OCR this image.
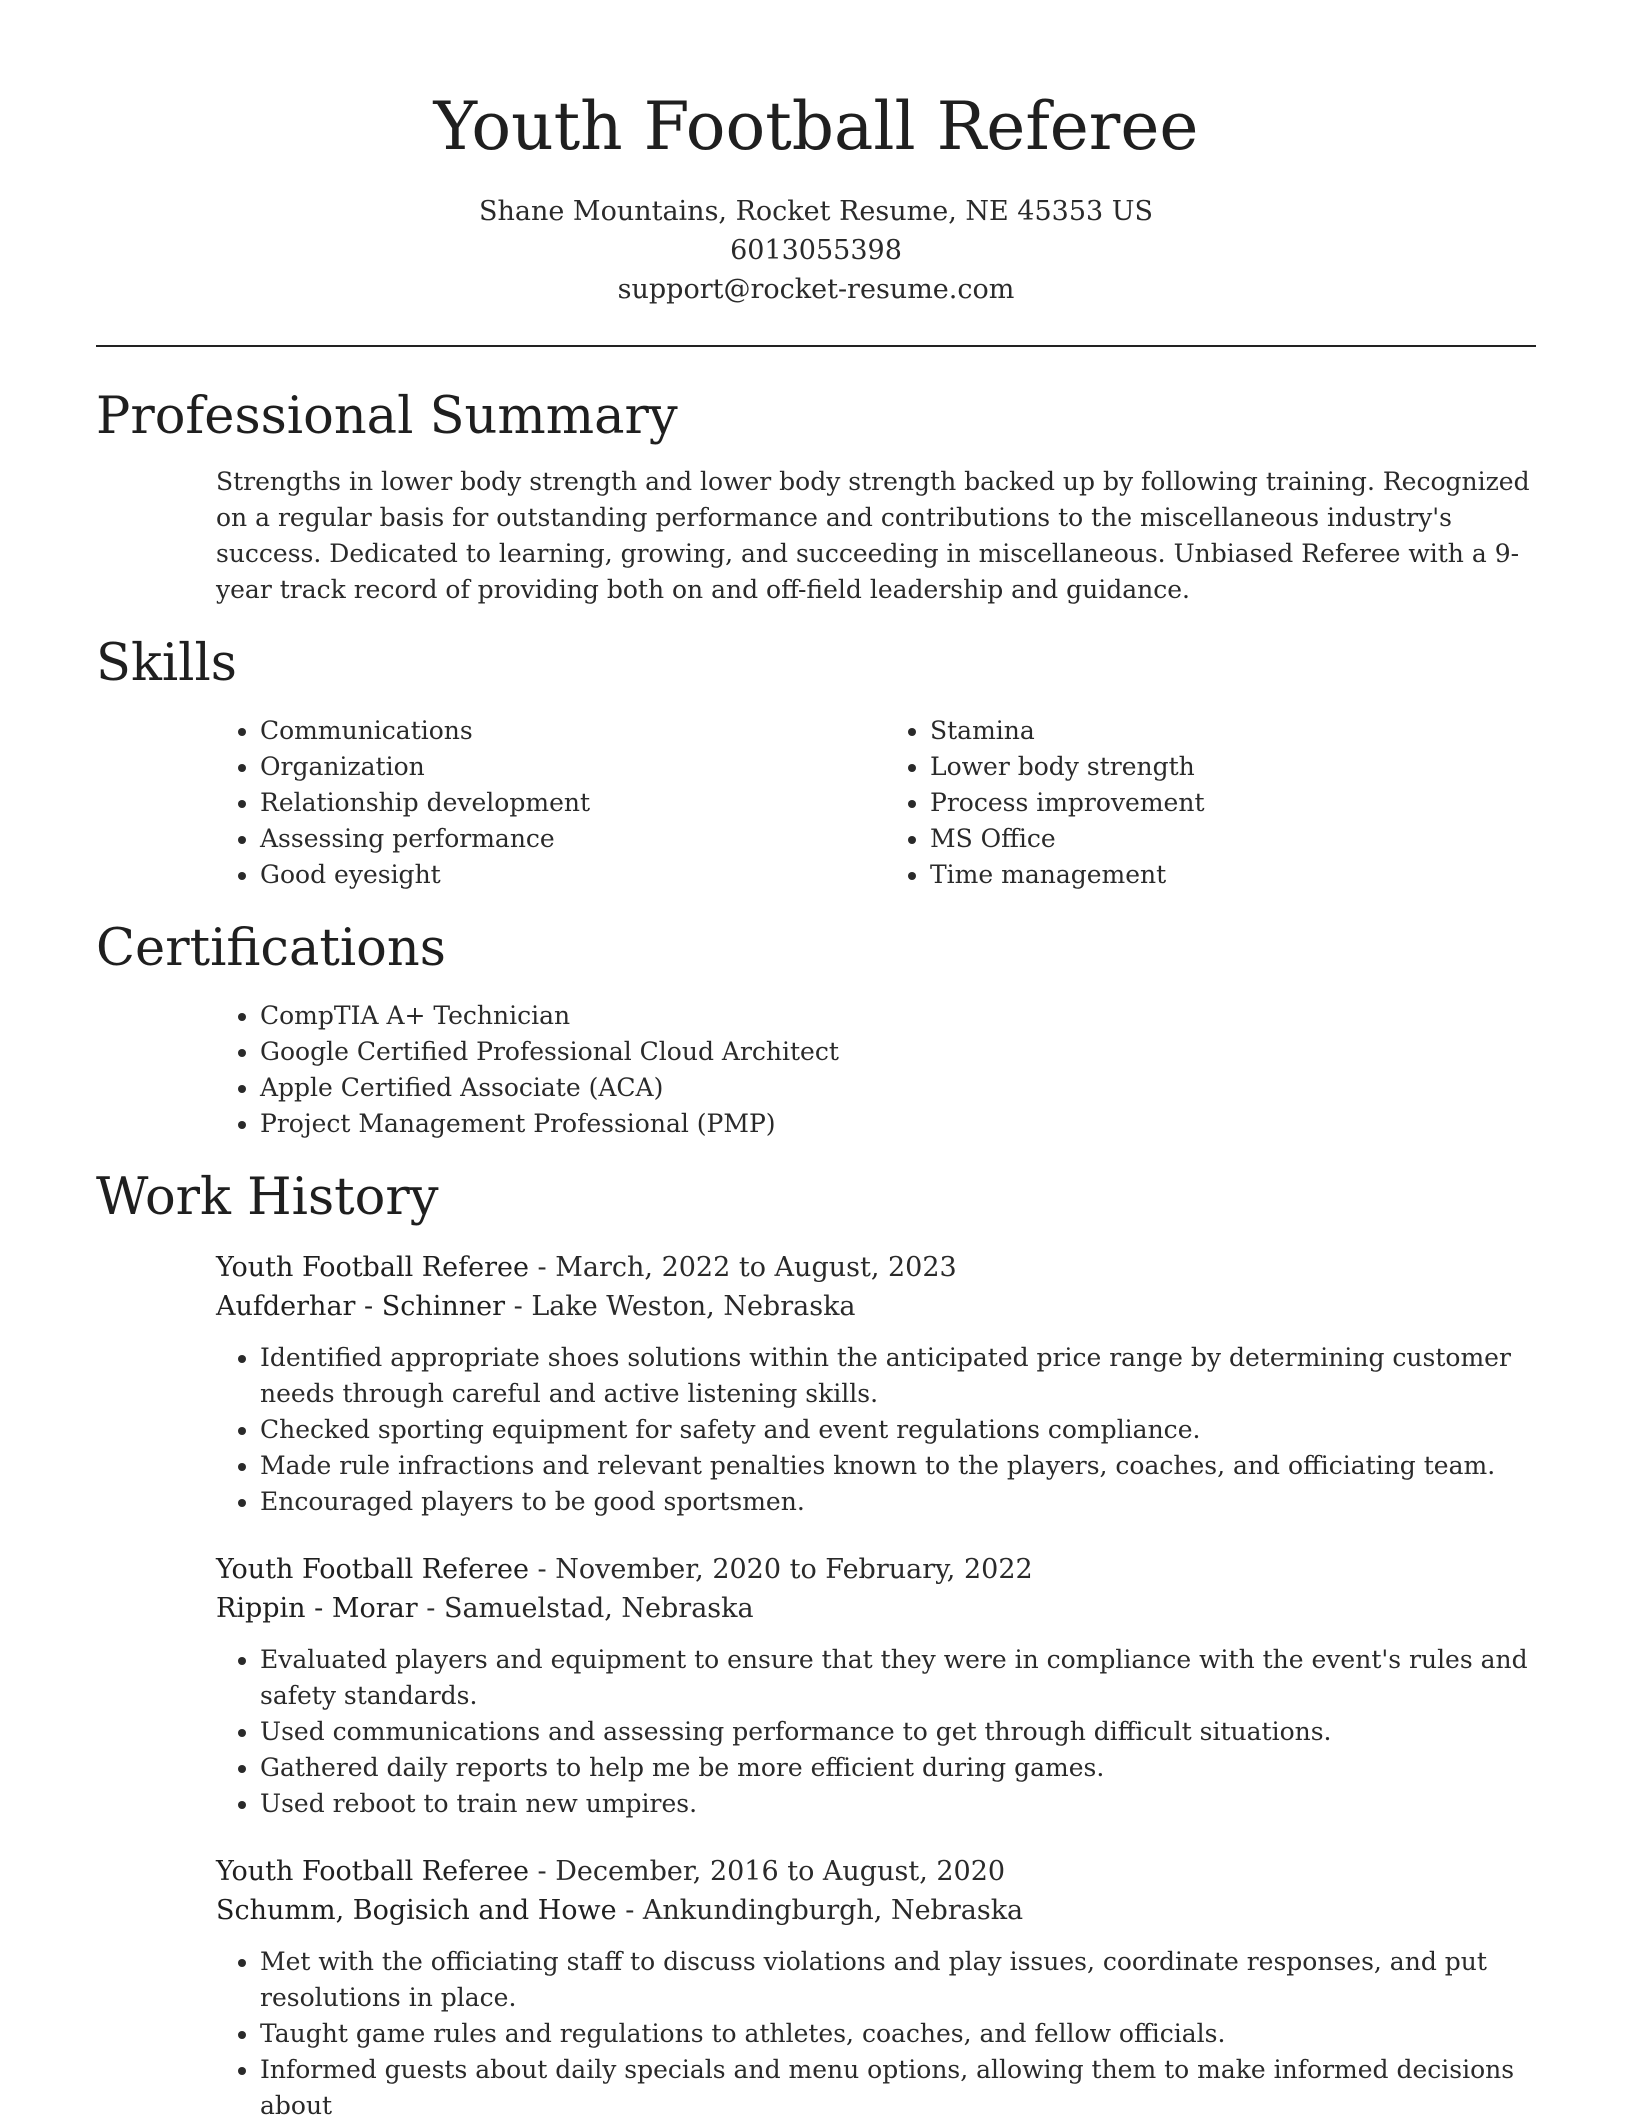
Youth Football Referee
Shane Mountains, Rocket Resume, NE 45353 US
6013055398
support@rocket-resume.com
Professional Summary

Strengths in lower body strength and lower body strength backed up by following training. Recognized on a regular basis for outstanding performance and contributions to the miscellaneous industry's success. Dedicated to learning, growing, and succeeding in miscellaneous. Unbiased Referee with a 9-year track record of providing both on and off-field leadership and guidance.

Skills
• Communications
• Organization
• Relationship development
• Assessing performance
• Good eyesight
• Stamina
• Lower body strength
• Process improvement
• MS Office
• Time management
Certifications
• CompTIA A+ Technician
• Google Certified Professional Cloud Architect
• Apple Certified Associate (ACA)
• Project Management Professional (PMP)
Work History
Youth Football Referee - March, 2022 to August, 2023
Aufderhar - Schinner - Lake Weston, Nebraska
• Identified appropriate shoes solutions within the anticipated price range by determining customer needs through careful and active listening skills.
• Checked sporting equipment for safety and event regulations compliance.
• Made rule infractions and relevant penalties known to the players, coaches, and officiating team.
• Encouraged players to be good sportsmen.
Youth Football Referee - November, 2020 to February, 2022
Rippin - Morar - Samuelstad, Nebraska
• Evaluated players and equipment to ensure that they were in compliance with the event's rules and safety standards.
• Used communications and assessing performance to get through difficult situations.
• Gathered daily reports to help me be more efficient during games.
• Used reboot to train new umpires.
Youth Football Referee - December, 2016 to August, 2020
Schumm, Bogisich and Howe - Ankundingburgh, Nebraska
• Met with the officiating staff to discuss violations and play issues, coordinate responses, and put resolutions in place.
• Taught game rules and regulations to athletes, coaches, and fellow officials.
• Informed guests about daily specials and menu options, allowing them to make informed decisions about
